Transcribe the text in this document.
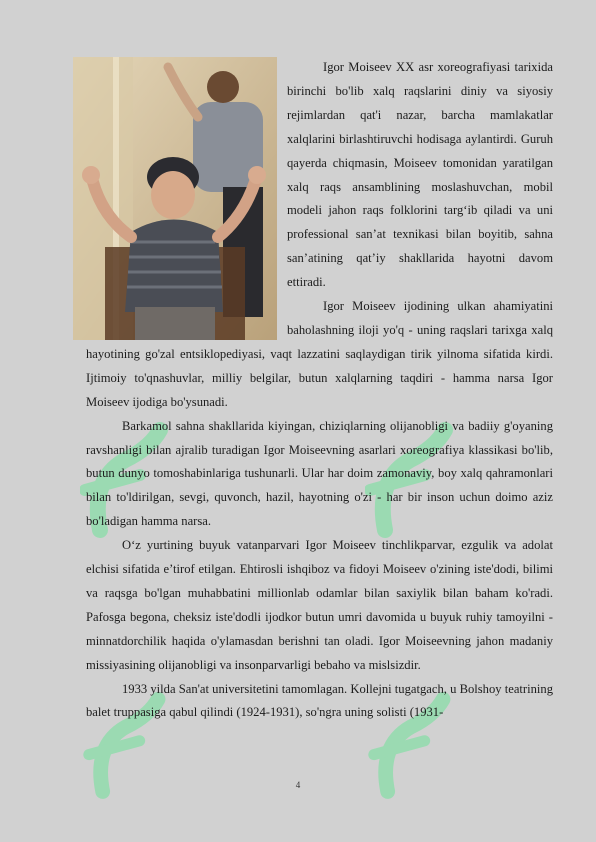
Igor Moiseev XX asr xoreografiyasi tarixida birinchi bo'lib xalq raqslarini diniy va siyosiy rejimlardan qat'i nazar, barcha mamlakatlar xalqlarini birlashtiruvchi hodisaga aylantirdi. Guruh qayerda chiqmasin, Moiseev tomonidan yaratilgan xalq raqs ansamblining moslashuvchan, mobil modeli jahon raqs folklorini targ‘ib qiladi va uni professional san’at texnikasi bilan boyitib, sahna san’atining qat’iy shakllarida hayotni davom ettiradi.

Igor Moiseev ijodining ulkan ahamiyatini baholashning iloji yo'q - uning raqslari tarixga xalq hayotining go'zal entsiklopediyasi, vaqt lazzatini saqlaydigan tirik yilnoma sifatida kirdi. Ijtimoiy to'qnashuvlar, milliy belgilar, butun xalqlarning taqdiri - hamma narsa Igor Moiseev ijodiga bo'ysunadi.

Barkamol sahna shakllarida kiyingan, chiziqlarning olijanobligi va badiiy g'oyaning ravshanligi bilan ajralib turadigan Igor Moiseevning asarlari xoreografiya klassikasi bo'lib, butun dunyo tomoshabinlariga tushunarli. Ular har doim zamonaviy, boy xalq qahramonlari bilan to'ldirilgan, sevgi, quvonch, hazil, hayotning o'zi - har bir inson uchun doimo aziz bo'ladigan hamma narsa.

O‘z yurtining buyuk vatanparvari Igor Moiseev tinchlikparvar, ezgulik va adolat elchisi sifatida e’tirof etilgan. Ehtirosli ishqiboz va fidoyi Moiseev o'zining iste'dodi, bilimi va raqsga bo'lgan muhabbatini millionlab odamlar bilan saxiylik bilan baham ko'radi. Pafosga begona, cheksiz iste'dodli ijodkor butun umri davomida u buyuk ruhiy tamoyilni - minnatdorchilik haqida o'ylamasdan berishni tan oladi. Igor Moiseevning jahon madaniy missiyasining olijanobligi va insonparvarligi bebaho va mislsizdir.

1933 yilda San'at universitetini tamomlagan. Kollejni tugatgach, u Bolshoy teatrining balet truppasiga qabul qilindi (1924-1931), so'ngra uning solisti (1931-

4
